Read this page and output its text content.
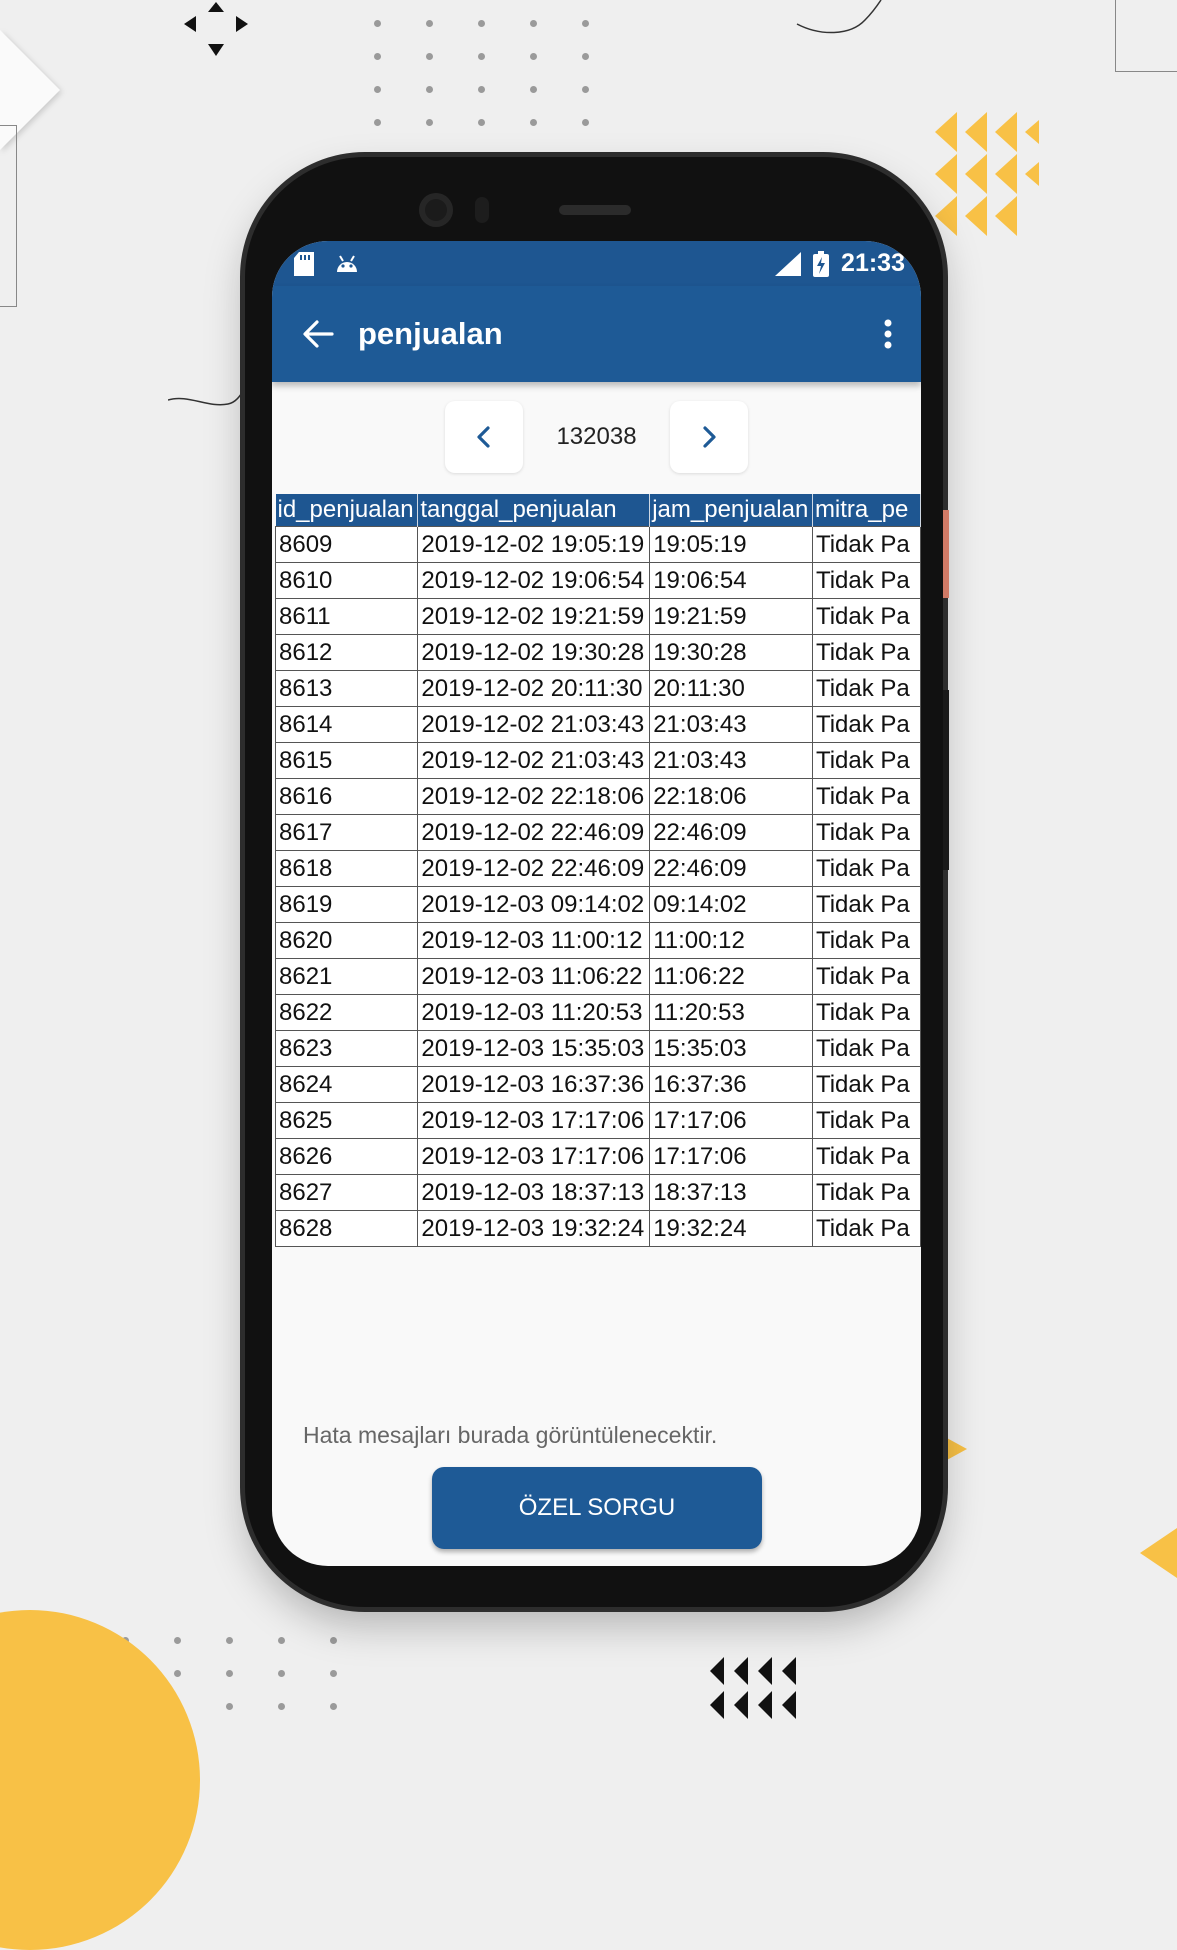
21:33
penjualan
132038
id_penjualan	tanggal_penjualan	jam_penjualan	mitra_pe
8609	2019-12-02 19:05:19	19:05:19	Tidak Pa
8610	2019-12-02 19:06:54	19:06:54	Tidak Pa
8611	2019-12-02 19:21:59	19:21:59	Tidak Pa
8612	2019-12-02 19:30:28	19:30:28	Tidak Pa
8613	2019-12-02 20:11:30	20:11:30	Tidak Pa
8614	2019-12-02 21:03:43	21:03:43	Tidak Pa
8615	2019-12-02 21:03:43	21:03:43	Tidak Pa
8616	2019-12-02 22:18:06	22:18:06	Tidak Pa
8617	2019-12-02 22:46:09	22:46:09	Tidak Pa
8618	2019-12-02 22:46:09	22:46:09	Tidak Pa
8619	2019-12-03 09:14:02	09:14:02	Tidak Pa
8620	2019-12-03 11:00:12	11:00:12	Tidak Pa
8621	2019-12-03 11:06:22	11:06:22	Tidak Pa
8622	2019-12-03 11:20:53	11:20:53	Tidak Pa
8623	2019-12-03 15:35:03	15:35:03	Tidak Pa
8624	2019-12-03 16:37:36	16:37:36	Tidak Pa
8625	2019-12-03 17:17:06	17:17:06	Tidak Pa
8626	2019-12-03 17:17:06	17:17:06	Tidak Pa
8627	2019-12-03 18:37:13	18:37:13	Tidak Pa
8628	2019-12-03 19:32:24	19:32:24	Tidak Pa
Hata mesajları burada görüntülenecektir.
ÖZEL SORGU
